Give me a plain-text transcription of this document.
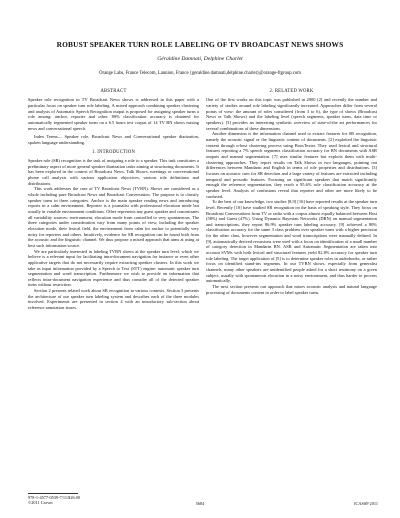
ROBUST SPEAKER TURN ROLE LABELING OF TV BROADCAST NEWS SHOWS
Géraldine Damnati, Delphine Charlet
Orange Labs, France Telecom, Lannion, France {geraldine.damnati,delphine.charlet}@orange-ftgroup.com
ABSTRACT

Speaker role recognition in TV Broadcast News shows is addressed in this paper with a particular focus on speaker turn role labeling. A mixed approach combining speaker clustering and analysis of Automatic Speech Recognition output is proposed for assigning speaker turns a role among: anchor, reporter and other. 80% classification accuracy is obtained for automatically segmented speaker turns on a 6.5 hours test corpus of 14 TV BN shows mixing news and conversational speech.

Index Terms— Speaker role, Broadcast News and Conversational speaker diarization, spoken language understanding.

1. INTRODUCTION

Speaker role (SR) recognition is the task of assigning a role to a speaker. This task constitutes a preliminary aspect of more general speaker diarization tasks aiming at structuring documents. It has been explored in the context of Broadcast News, Talk Shows, meetings or conversational phone call analysis with various application objectives, various role definitions and distributions.

This work addresses the case of TV Broadcast News (TVBN). Shows are considered as a whole including pure Broadcast News and Broadcast Conversation. The purpose is to classify speaker turns in three categories. Anchor is the main speaker reading news and introducing reports in a calm environment. Reporter is a journalist with professional elocution mode but usually in variable environment conditions. Other represents any guest speaker and concentrates all variability sources: environment, elocution mode from controlled to very spontaneous. The three categories under consideration vary from many points of view, including the speaker elocution mode, their lexical field, the environment from calm for anchor to potentially very noisy for reporters and others. Intuitively, evidence for SR recognition can be found both from the acoustic and the linguistic channel. We thus propose a mixed approach that aims at using at best such information source.

We are particularly interested in labeling TVBN shows at the speaker turn level, which we believe is a relevant input for facilitating intra-document navigation for instance or even other applicative targets that do not necessarily require extracting speaker clusters. In this work we take as input information provided by a Speech to Text (STT) engine: automatic speaker turn segmentation and word transcription. Furthermore we wish to provide an information that reflects intra-document navigation experience and thus consider all of the detected speaker turns without restriction.

Section 2 presents related work about SR recognition in various contexts. Section 3 presents the architecture of our speaker turn labeling system and describes each of the three modules involved. Experiments are presented in section 4 with an introductory sub-section about reference annotation issues.

2. RELATED WORK

One of the first works on this topic was published in 2000 [2] and recently the number and variety of studies around role labeling significantly increased. Approaches differ from several points of view: the amount of roles considered (from 3 to 6), the type of shows (Broadcast News or Talk Shows) and the labeling level (speech segments, speaker turns, data time or speakers). [3] provides an interesting synthetic overview of state-of-the art performances for several combinations of these dimensions.

Another dimension is the information channel used to extract features for SR recognition, namely the acoustic signal or the linguistic content of documents. [2] exploited the linguistic content through n-best clustering process using BoosTexter. They used lexical and structural features reporting a 7% speech segments classification accuracy for BN documents with ASR outputs and manual segmentation. [7] uses similar features but exploits them with multi-clustering approaches. They report results on Talk Shows in two languages, pointing out differences between Mandarin and English in terms of role properties and distributions. [3] focuses on acoustic cues for SR detection and a large variety of features are extracted including temporal and prosodic features. Focusing on significant speakers that match significantly enough the reference segmentation, they reach a 95.6% role classification accuracy at the speaker level. Analysis of confusions reveal that reporter and other are more likely to be confused.

To the best of our knowledge, two studies [8,9] [16] have reported results at the speaker turn level. Recently [10] have studied SR recognition on the basis of speaking style. They focus on Broadcast Conversations from TV or radio with a corpus almost equally balanced between Host (58%) and Guest (47%). Using Dynamic Bayesian Networks (DBN) on manual segmentation and transcriptions, they report 86.9% speaker turn labeling accuracy. [9] achieved a 80% classification accuracy for the same 3 class problem over speaker turns with a higher precision for the other class, however segmentation and word transcriptions were manually defined. In [9], automatically derived recursions were used with a focus on identification of a small number of category detection in Mandarin BN. ASR and Automatic Segmentation are taken into account SVMs with both lexical and structural features yield 82.8% accuracy for speaker turn role labeling. The target application of [5] is to determine speaker roles in audiobooks, or rather focus on identified stand-ins segments. In our TVBN shows, especially from generalist channels, many other speakers are unidentified people asked for a short testimony on a given subject, usually with spontaneous elocution in a noisy environment, and thus harder to process automatically.

The next section presents our approach that mixes acoustic analysis and natural language processing of documents content in order to label speaker turns.

978-1-4577-0539-7/11/$26.00
©2011 Crown	5684	ICASSP 2011
